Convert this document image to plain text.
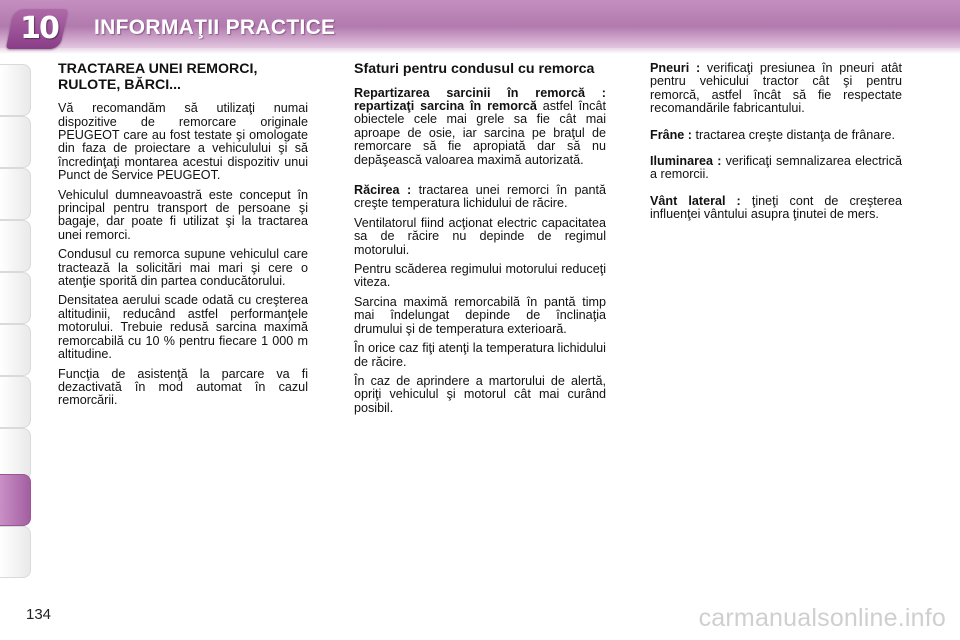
10 INFORMAŢII PRACTICE
TRACTAREA UNEI REMORCI, RULOTE, BĂRCI...

Vă recomandăm să utilizaţi numai dispozitive de remorcare originale PEUGEOT care au fost testate şi omologate din faza de proiectare a vehiculului şi să încredinţaţi montarea acestui dispozitiv unui Punct de Service PEUGEOT.

Vehiculul dumneavoastră este conceput în principal pentru transport de persoane şi bagaje, dar poate fi utilizat şi la tractarea unei remorci.

Condusul cu remorca supune vehiculul care tractează la solicitări mai mari şi cere o atenţie sporită din partea conducătorului.

Densitatea aerului scade odată cu creşterea altitudinii, reducând astfel performanţele motorului. Trebuie redusă sarcina maximă remorcabilă cu 10 % pentru fiecare 1 000 m altitudine.

Funcţia de asistenţă la parcare va fi dezactivată în mod automat în cazul remorcării.

Sfaturi pentru condusul cu remorca

Repartizarea sarcinii în remorcă : repartizaţi sarcina în remorcă astfel încât obiectele cele mai grele sa fie cât mai aproape de osie, iar sarcina pe braţul de remorcare să fie apropiată dar să nu depăşească valoarea maximă autorizată.

Răcirea : tractarea unei remorci în pantă creşte temperatura lichidului de răcire.

Ventilatorul fiind acţionat electric capacitatea sa de răcire nu depinde de regimul motorului.

Pentru scăderea regimului motorului reduceţi viteza.

Sarcina maximă remorcabilă în pantă timp mai îndelungat depinde de înclinaţia drumului şi de temperatura exterioară.

În orice caz fiţi atenţi la temperatura lichidului de răcire.

În caz de aprindere a martorului de alertă, opriţi vehiculul şi motorul cât mai curând posibil.

Pneuri : verificaţi presiunea în pneuri atât pentru vehicului tractor cât şi pentru remorcă, astfel încât să fie respectate recomandările fabricantului.

Frâne : tractarea creşte distanţa de frânare.

Iluminarea : verificaţi semnalizarea electrică a remorcii.

Vânt lateral : ţineţi cont de creşterea influenţei vântului asupra ţinutei de mers.

134	carmanualsonline.info
